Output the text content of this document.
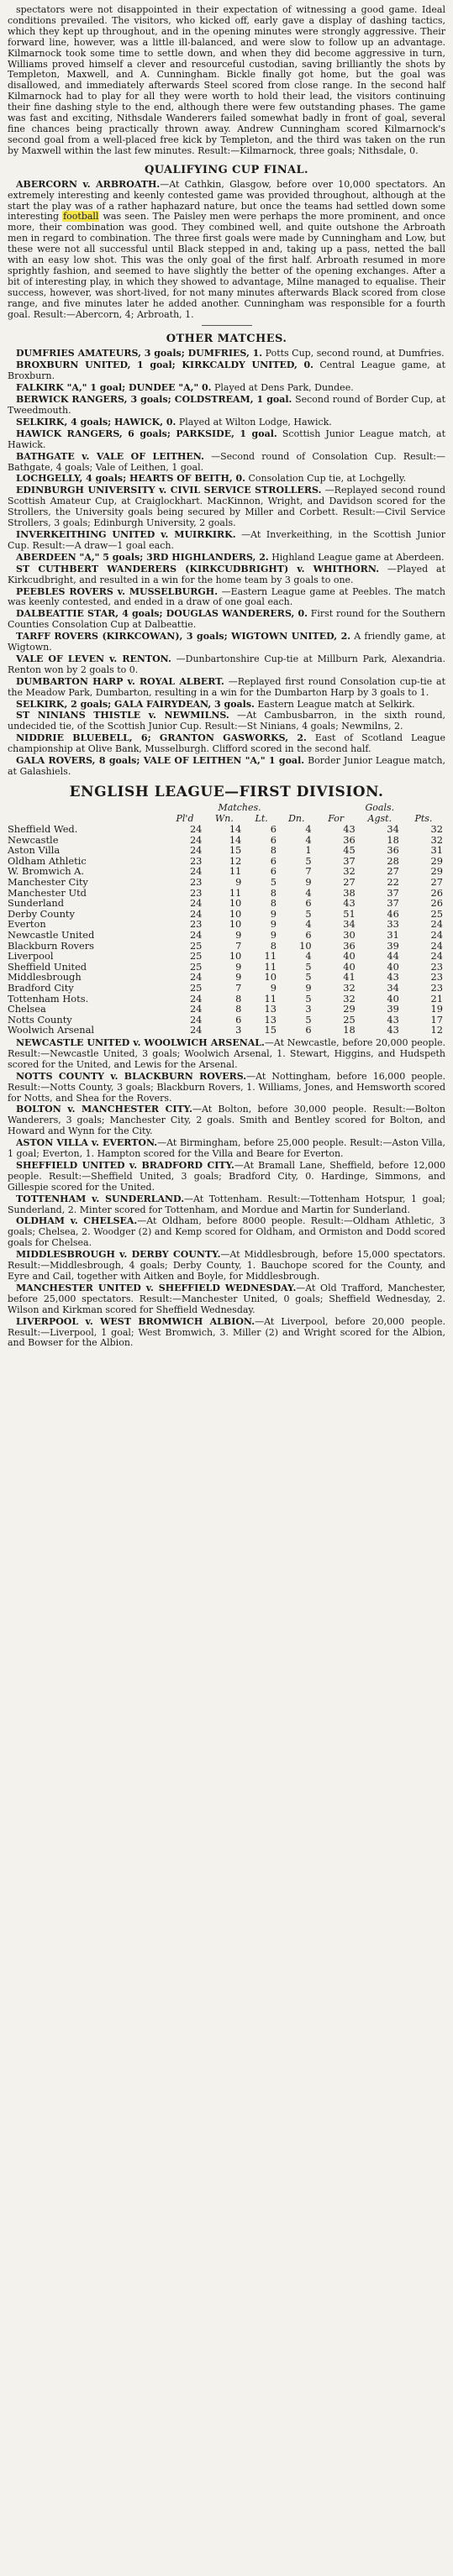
spectators were not disappointed in their expectation of witnessing a good game. Ideal conditions prevailed. The visitors, who kicked off, early gave a display of dashing tactics, which they kept up throughout, and in the opening minutes were strongly aggressive. Their forward line, however, was a little ill-balanced, and were slow to follow up an advantage. Kilmarnock took some time to settle down, and when they did become aggressive in turn, Williams proved himself a clever and resourceful custodian, saving brilliantly the shots by Templeton, Maxwell, and A. Cunningham. Bickle finally got home, but the goal was disallowed, and immediately afterwards Steel scored from close range. In the second half Kilmarnock had to play for all they were worth to hold their lead, the visitors continuing their fine dashing style to the end, although there were few outstanding phases. The game was fast and exciting, Nithsdale Wanderers failed somewhat badly in front of goal, several fine chances being practically thrown away. Andrew Cunningham scored Kilmarnock's second goal from a well-placed free kick by Templeton, and the third was taken on the run by Maxwell within the last few minutes. Result:—Kilmarnock, three goals; Nithsdale, 0.

QUALIFYING CUP FINAL.

ABERCORN v. ARBROATH.—At Cathkin, Glasgow, before over 10,000 spectators. An extremely interesting and keenly contested game was provided throughout, although at the start the play was of a rather haphazard nature, but once the teams had settled down some interesting football was seen. The Paisley men were perhaps the more prominent, and once more, their combination was good. They combined well, and quite outshone the Arbroath men in regard to combination. The three first goals were made by Cunningham and Low, but these were not all successful until Black stepped in and, taking up a pass, netted the ball with an easy low shot. This was the only goal of the first half. Arbroath resumed in more sprightly fashion, and seemed to have slightly the better of the opening exchanges. After a bit of interesting play, in which they showed to advantage, Milne managed to equalise. Their success, however, was short-lived, for not many minutes afterwards Black scored from close range, and five minutes later he added another. Cunningham was responsible for a fourth goal. Result:—Abercorn, 4; Arbroath, 1.

OTHER MATCHES.

DUMFRIES AMATEURS, 3 goals; DUMFRIES, 1. Potts Cup, second round, at Dumfries.

BROXBURN UNITED, 1 goal; KIRKCALDY UNITED, 0. Central League game, at Broxburn.

FALKIRK "A," 1 goal; DUNDEE "A," 0. Played at Dens Park, Dundee.

BERWICK RANGERS, 3 goals; COLDSTREAM, 1 goal. Second round of Border Cup, at Tweedmouth.

SELKIRK, 4 goals; HAWICK, 0. Played at Wilton Lodge, Hawick.

HAWICK RANGERS, 6 goals; PARKSIDE, 1 goal. Scottish Junior League match, at Hawick.

BATHGATE v. VALE OF LEITHEN. —Second round of Consolation Cup. Result:—Bathgate, 4 goals; Vale of Leithen, 1 goal.

LOCHGELLY, 4 goals; HEARTS OF BEITH, 0. Consolation Cup tie, at Lochgelly.

EDINBURGH UNIVERSITY v. CIVIL SERVICE STROLLERS. —Replayed second round Scottish Amateur Cup, at Craiglockhart. MacKinnon, Wright, and Davidson scored for the Strollers, the University goals being secured by Miller and Corbett. Result:—Civil Service Strollers, 3 goals; Edinburgh University, 2 goals.

INVERKEITHING UNITED v. MUIRKIRK. —At Inverkeithing, in the Scottish Junior Cup. Result:—A draw—1 goal each.

ABERDEEN "A," 5 goals; 3RD HIGHLANDERS, 2. Highland League game at Aberdeen.

ST CUTHBERT WANDERERS (KIRKCUDBRIGHT) v. WHITHORN. —Played at Kirkcudbright, and resulted in a win for the home team by 3 goals to one.

PEEBLES ROVERS v. MUSSELBURGH. —Eastern League game at Peebles. The match was keenly contested, and ended in a draw of one goal each.

DALBEATTIE STAR, 4 goals; DOUGLAS WANDERERS, 0. First round for the Southern Counties Consolation Cup at Dalbeattie.

TARFF ROVERS (KIRKCOWAN), 3 goals; WIGTOWN UNITED, 2. A friendly game, at Wigtown.

VALE OF LEVEN v. RENTON. —Dunbartonshire Cup-tie at Millburn Park, Alexandria. Renton won by 2 goals to 0.

DUMBARTON HARP v. ROYAL ALBERT. —Replayed first round Consolation cup-tie at the Meadow Park, Dumbarton, resulting in a win for the Dumbarton Harp by 3 goals to 1.

SELKIRK, 2 goals; GALA FAIRYDEAN, 3 goals. Eastern League match at Selkirk.

ST NINIANS THISTLE v. NEWMILNS. —At Cambusbarron, in the sixth round, undecided tie, of the Scottish Junior Cup. Result:—St Ninians, 4 goals; Newmilns, 2.

NIDDRIE BLUEBELL, 6; GRANTON GASWORKS, 2. East of Scotland League championship at Olive Bank, Musselburgh. Clifford scored in the second half.

GALA ROVERS, 8 goals; VALE OF LEITHEN "A," 1 goal. Border Junior League match, at Galashiels.

ENGLISH LEAGUE—FIRST DIVISION.
	Matches.				Goals.		
	Pl'd	Wn.	Lt.	Dn.	For	Agst.	Pts.
Sheffield Wed.	24	14	6	4	43	34	32
Newcastle	24	14	6	4	36	18	32
Aston Villa	24	15	8	1	45	36	31
Oldham Athletic	23	12	6	5	37	28	29
W. Bromwich A.	24	11	6	7	32	27	29
Manchester City	23	9	5	9	27	22	27
Manchester Utd	23	11	8	4	38	37	26
Sunderland	24	10	8	6	43	37	26
Derby County	24	10	9	5	51	46	25
Everton	23	10	9	4	34	33	24
Newcastle United	24	9	9	6	30	31	24
Blackburn Rovers	25	7	8	10	36	39	24
Liverpool	25	10	11	4	40	44	24
Sheffield United	25	9	11	5	40	40	23
Middlesbrough	24	9	10	5	41	43	23
Bradford City	25	7	9	9	32	34	23
Tottenham Hots.	24	8	11	5	32	40	21
Chelsea	24	8	13	3	29	39	19
Notts County	24	6	13	5	25	43	17
Woolwich Arsenal	24	3	15	6	18	43	12

NEWCASTLE UNITED v. WOOLWICH ARSENAL.—At Newcastle, before 20,000 people. Result:—Newcastle United, 3 goals; Woolwich Arsenal, 1. Stewart, Higgins, and Hudspeth scored for the United, and Lewis for the Arsenal.

NOTTS COUNTY v. BLACKBURN ROVERS.—At Nottingham, before 16,000 people. Result:—Notts County, 3 goals; Blackburn Rovers, 1. Williams, Jones, and Hemsworth scored for Notts, and Shea for the Rovers.

BOLTON v. MANCHESTER CITY.—At Bolton, before 30,000 people. Result:—Bolton Wanderers, 3 goals; Manchester City, 2 goals. Smith and Bentley scored for Bolton, and Howard and Wynn for the City.

ASTON VILLA v. EVERTON.—At Birmingham, before 25,000 people. Result:—Aston Villa, 1 goal; Everton, 1. Hampton scored for the Villa and Beare for Everton.

SHEFFIELD UNITED v. BRADFORD CITY.—At Bramall Lane, Sheffield, before 12,000 people. Result:—Sheffield United, 3 goals; Bradford City, 0. Hardinge, Simmons, and Gillespie scored for the United.

TOTTENHAM v. SUNDERLAND.—At Tottenham. Result:—Tottenham Hotspur, 1 goal; Sunderland, 2. Minter scored for Tottenham, and Mordue and Martin for Sunderland.

OLDHAM v. CHELSEA.—At Oldham, before 8000 people. Result:—Oldham Athletic, 3 goals; Chelsea, 2. Woodger (2) and Kemp scored for Oldham, and Ormiston and Dodd scored goals for Chelsea.

MIDDLESBROUGH v. DERBY COUNTY.—At Middlesbrough, before 15,000 spectators. Result:—Middlesbrough, 4 goals; Derby County, 1. Bauchope scored for the County, and Eyre and Cail, together with Aitken and Boyle, for Middlesbrough.

MANCHESTER UNITED v. SHEFFIELD WEDNESDAY.—At Old Trafford, Manchester, before 25,000 spectators. Result:—Manchester United, 0 goals; Sheffield Wednesday, 2. Wilson and Kirkman scored for Sheffield Wednesday.

LIVERPOOL v. WEST BROMWICH ALBION.—At Liverpool, before 20,000 people. Result:—Liverpool, 1 goal; West Bromwich, 3. Miller (2) and Wright scored for the Albion, and Bowser for the Albion.
